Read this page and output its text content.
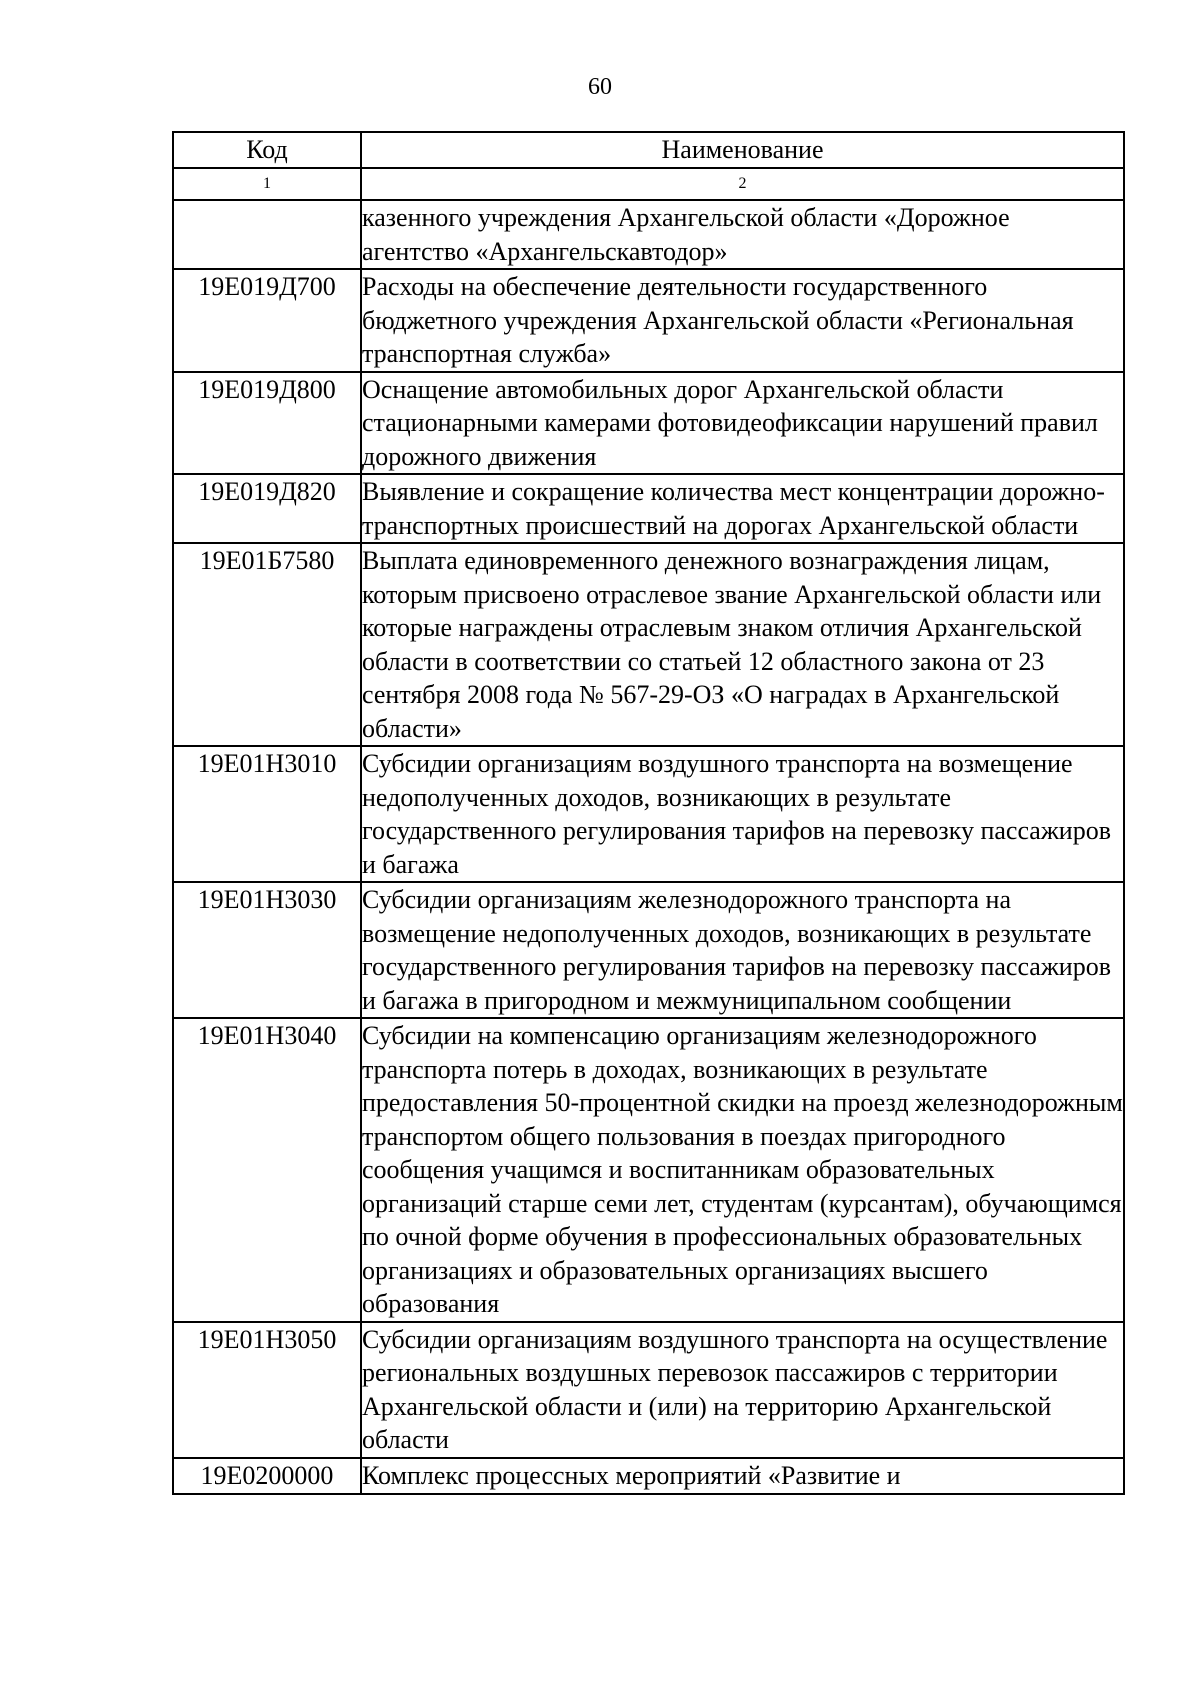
60
Код	Наименование
1	2
	казенного учреждения Архангельской области «Дорожное агентство «Архангельскавтодор»
19Е019Д700	Расходы на обеспечение деятельности государственного бюджетного учреждения Архангельской области «Региональная транспортная служба»
19Е019Д800	Оснащение автомобильных дорог Архангельской области стационарными камерами фотовидеофиксации нарушений правил дорожного движения
19Е019Д820	Выявление и сокращение количества мест концентрации дорожно-транспортных происшествий на дорогах Архангельской области
19Е01Б7580	Выплата единовременного денежного вознаграждения лицам, которым присвоено отраслевое звание Архангельской области или которые награждены отраслевым знаком отличия Архангельской области в соответствии со статьей 12 областного закона от 23 сентября 2008 года № 567-29-ОЗ «О наградах в Архангельской области»
19Е01Н3010	Субсидии организациям воздушного транспорта на возмещение недополученных доходов, возникающих в результате государственного регулирования тарифов на перевозку пассажиров и багажа
19Е01Н3030	Субсидии организациям железнодорожного транспорта на возмещение недополученных доходов, возникающих в результате государственного регулирования тарифов на перевозку пассажиров и багажа в пригородном и межмуниципальном сообщении
19Е01Н3040	Субсидии на компенсацию организациям железнодорожного транспорта потерь в доходах, возникающих в результате предоставления 50-процентной скидки на проезд железнодорожным транспортом общего пользования в поездах пригородного сообщения учащимся и воспитанникам образовательных организаций старше семи лет, студентам (курсантам), обучающимся по очной форме обучения в профессиональных образовательных организациях и образовательных организациях высшего образования
19Е01Н3050	Субсидии организациям воздушного транспорта на осуществление региональных воздушных перевозок пассажиров с территории Архангельской области и (или) на территорию Архангельской области
19Е0200000	Комплекс процессных мероприятий «Развитие и
